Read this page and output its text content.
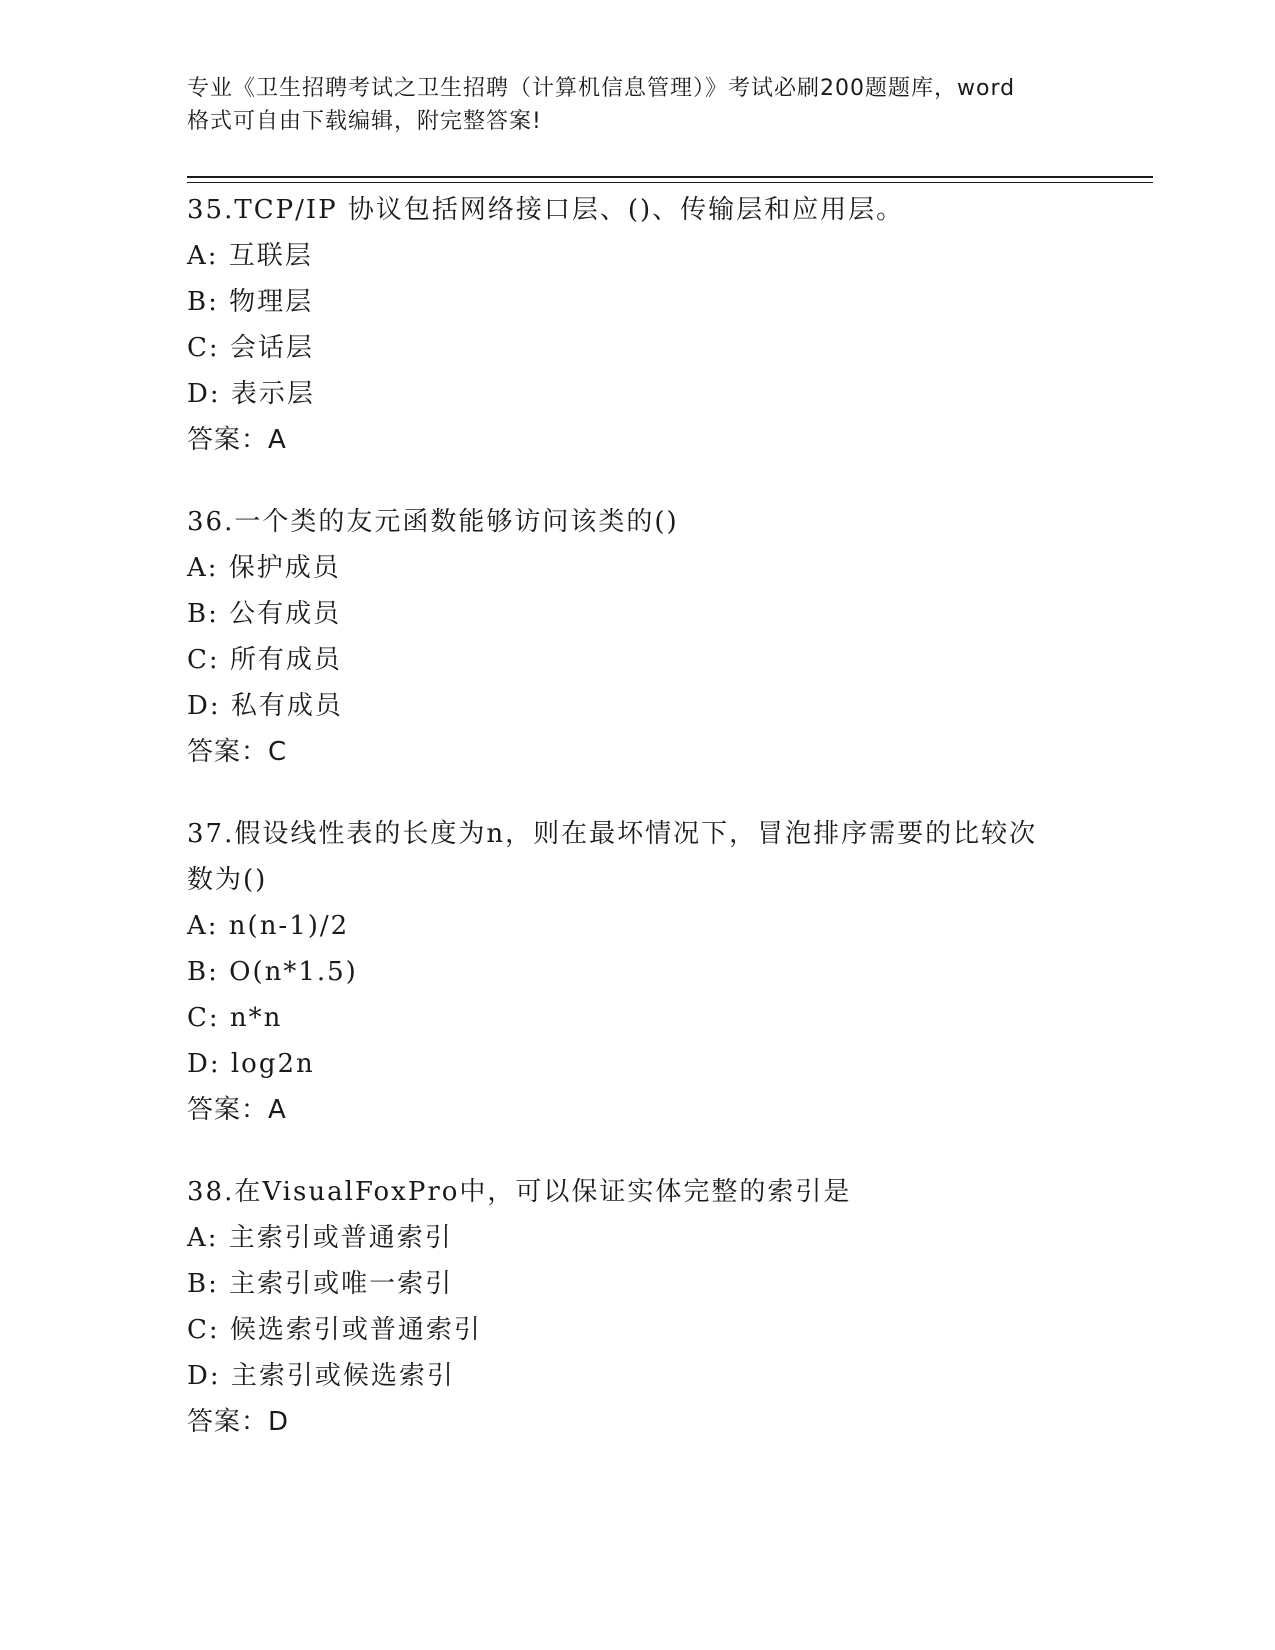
专业《卫生招聘考试之卫生招聘（计算机信息管理）》考试必刷200题题库，word
格式可自由下载编辑，附完整答案!
35.TCP/IP 协议包括网络接口层、()、传输层和应用层。
A: 互联层
B: 物理层
C: 会话层
D: 表示层
答案：A
36.一个类的友元函数能够访问该类的()
A: 保护成员
B: 公有成员
C: 所有成员
D: 私有成员
答案：C
37.假设线性表的长度为n，则在最坏情况下，冒泡排序需要的比较次数为()
A: n(n-1)/2
B: O(n*1.5)
C: n*n
D: log2n
答案：A
38.在VisualFoxPro中，可以保证实体完整的索引是
A: 主索引或普通索引
B: 主索引或唯一索引
C: 候选索引或普通索引
D: 主索引或候选索引
答案：D
